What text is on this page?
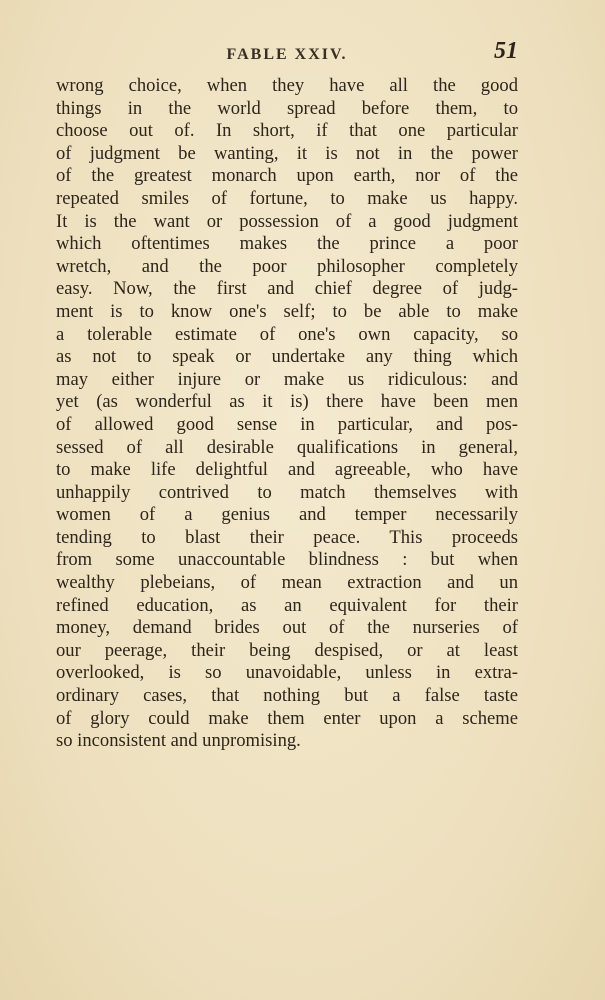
FABLE XXIV.	51
wrong choice, when they have all the good
things in the world spread before them, to
choose out of. In short, if that one particular
of judgment be wanting, it is not in the power
of the greatest monarch upon earth, nor of the
repeated smiles of fortune, to make us happy.
It is the want or possession of a good judgment
which oftentimes makes the prince a poor
wretch, and the poor philosopher completely
easy. Now, the first and chief degree of judg-
ment is to know one's self; to be able to make
a tolerable estimate of one's own capacity, so
as not to speak or undertake any thing which
may either injure or make us ridiculous: and
yet (as wonderful as it is) there have been men
of allowed good sense in particular, and pos-
sessed of all desirable qualifications in general,
to make life delightful and agreeable, who have
unhappily contrived to match themselves with
women of a genius and temper necessarily
tending to blast their peace. This proceeds
from some unaccountable blindness : but when
wealthy plebeians, of mean extraction and un
refined education, as an equivalent for their
money, demand brides out of the nurseries of
our peerage, their being despised, or at least
overlooked, is so unavoidable, unless in extra-
ordinary cases, that nothing but a false taste
of glory could make them enter upon a scheme
so inconsistent and unpromising.
